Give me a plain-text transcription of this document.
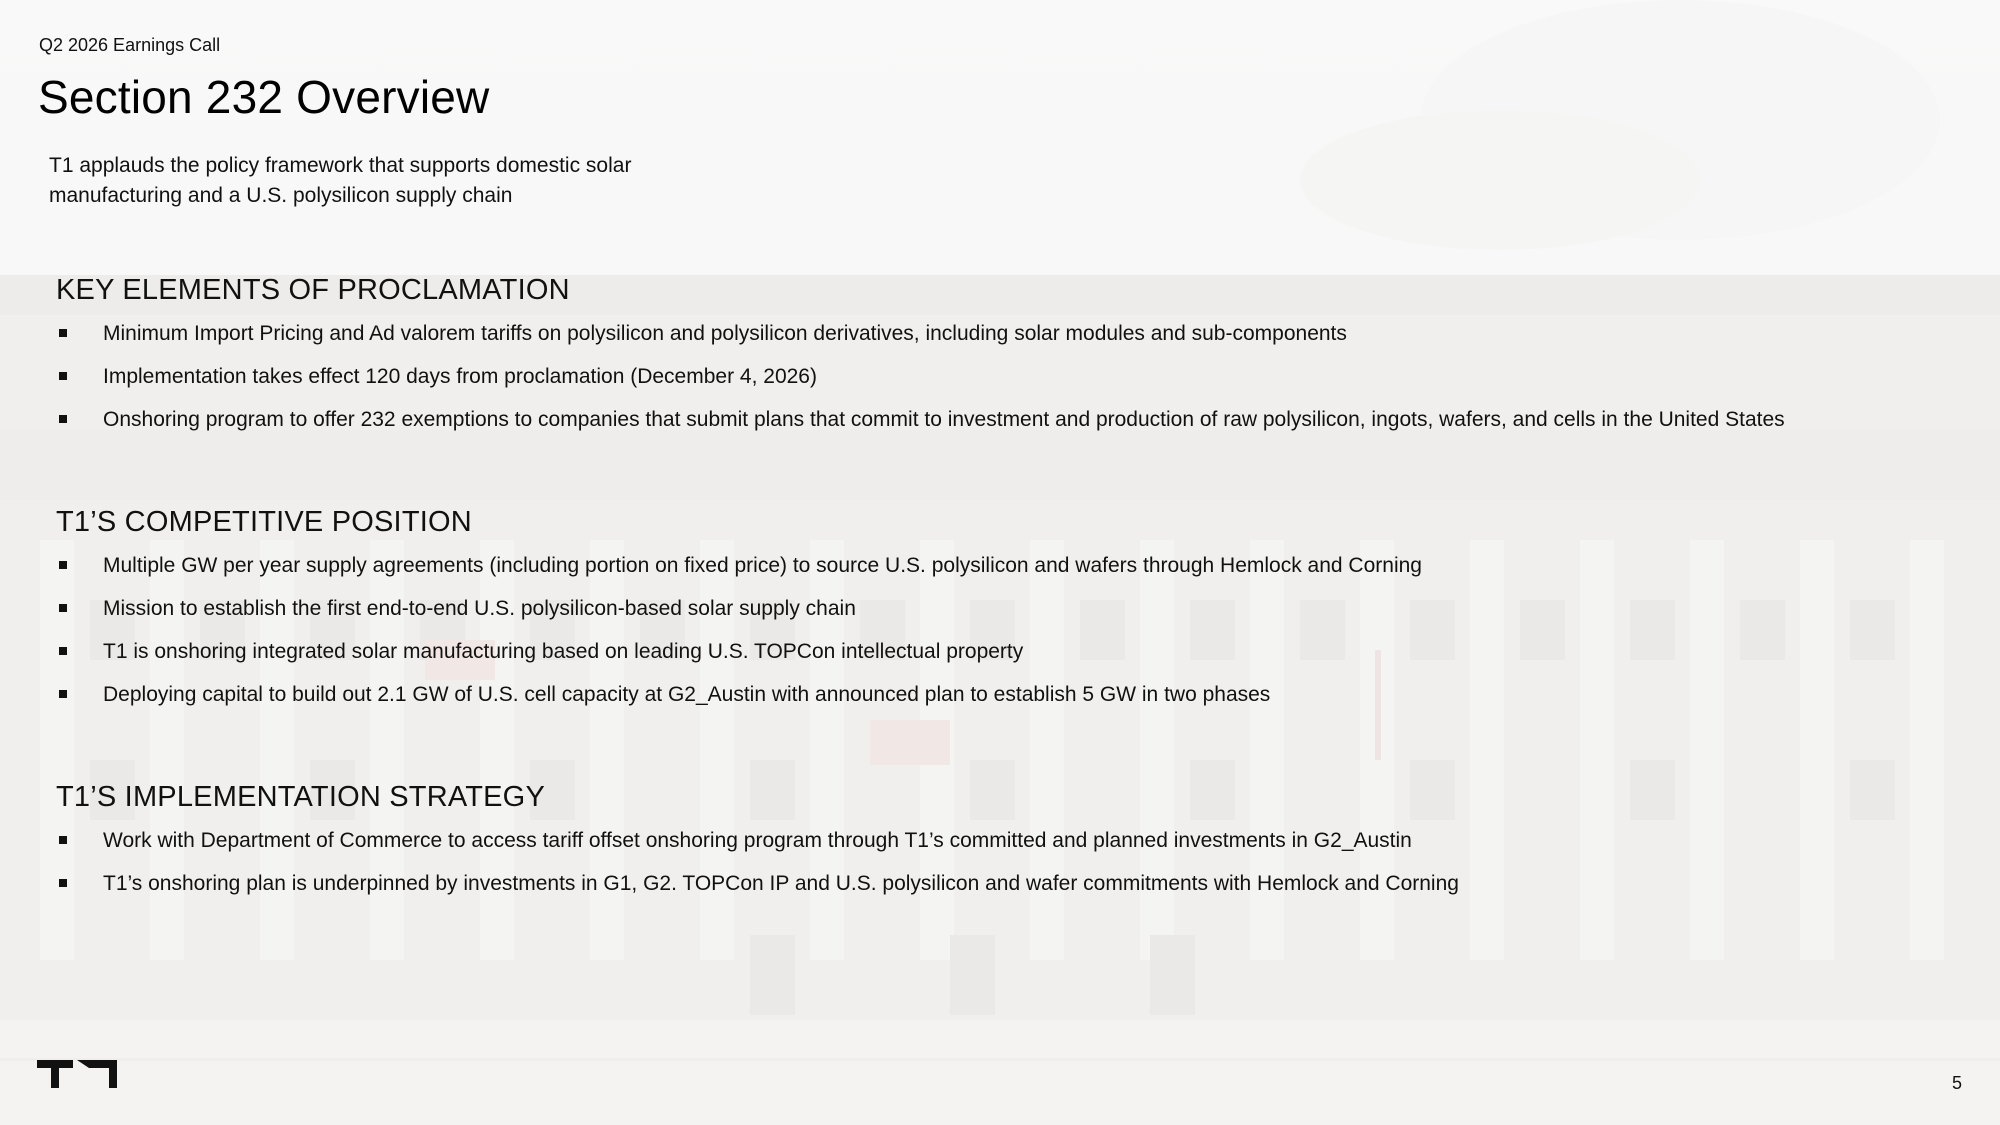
Q2 2026 Earnings Call
Section 232 Overview
T1 applauds the policy framework that supports domestic solar manufacturing and a U.S. polysilicon supply chain
KEY ELEMENTS OF PROCLAMATION
Minimum Import Pricing and Ad valorem tariffs on polysilicon and polysilicon derivatives, including solar modules and sub-components
Implementation takes effect 120 days from proclamation (December 4, 2026)
Onshoring program to offer 232 exemptions to companies that submit plans that commit to investment and production of raw polysilicon, ingots, wafers, and cells in the United States
T1’S COMPETITIVE POSITION
Multiple GW per year supply agreements (including portion on fixed price) to source U.S. polysilicon and wafers through Hemlock and Corning
Mission to establish the first end-to-end U.S. polysilicon-based solar supply chain
T1 is onshoring integrated solar manufacturing based on leading U.S. TOPCon intellectual property
Deploying capital to build out 2.1 GW of U.S. cell capacity at G2_Austin with announced plan to establish 5 GW in two phases
T1’S IMPLEMENTATION STRATEGY
Work with Department of Commerce to access tariff offset onshoring program through T1’s committed and planned investments in G2_Austin
T1’s onshoring plan is underpinned by investments in G1, G2. TOPCon IP and U.S. polysilicon and wafer commitments with Hemlock and Corning
5
